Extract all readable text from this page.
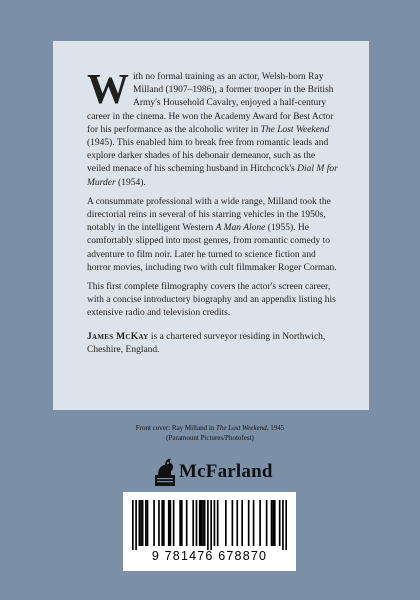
With no formal training as an actor, Welsh-born Ray Milland (1907–1986), a former trooper in the British Army's Household Cavalry, enjoyed a half-century career in the cinema. He won the Academy Award for Best Actor for his performance as the alcoholic writer in The Lost Weekend (1945). This enabled him to break free from romantic leads and explore darker shades of his debonair demeanor, such as the veiled menace of his scheming husband in Hitchcock's Dial M for Murder (1954).

A consummate professional with a wide range, Milland took the directorial reins in several of his starring vehicles in the 1950s, notably in the intelligent Western A Man Alone (1955). He comfortably slipped into most genres, from romantic comedy to adventure to film noir. Later he turned to science fiction and horror movies, including two with cult filmmaker Roger Corman.

This first complete filmography covers the actor's screen career, with a concise introductory biography and an appendix listing his extensive radio and television credits.

James McKay is a chartered surveyor residing in Northwich, Cheshire, England.

Front cover: Ray Milland in The Lost Weekend, 1945
(Paramount Pictures/Photofest)
McFarland
9 781476 678870
